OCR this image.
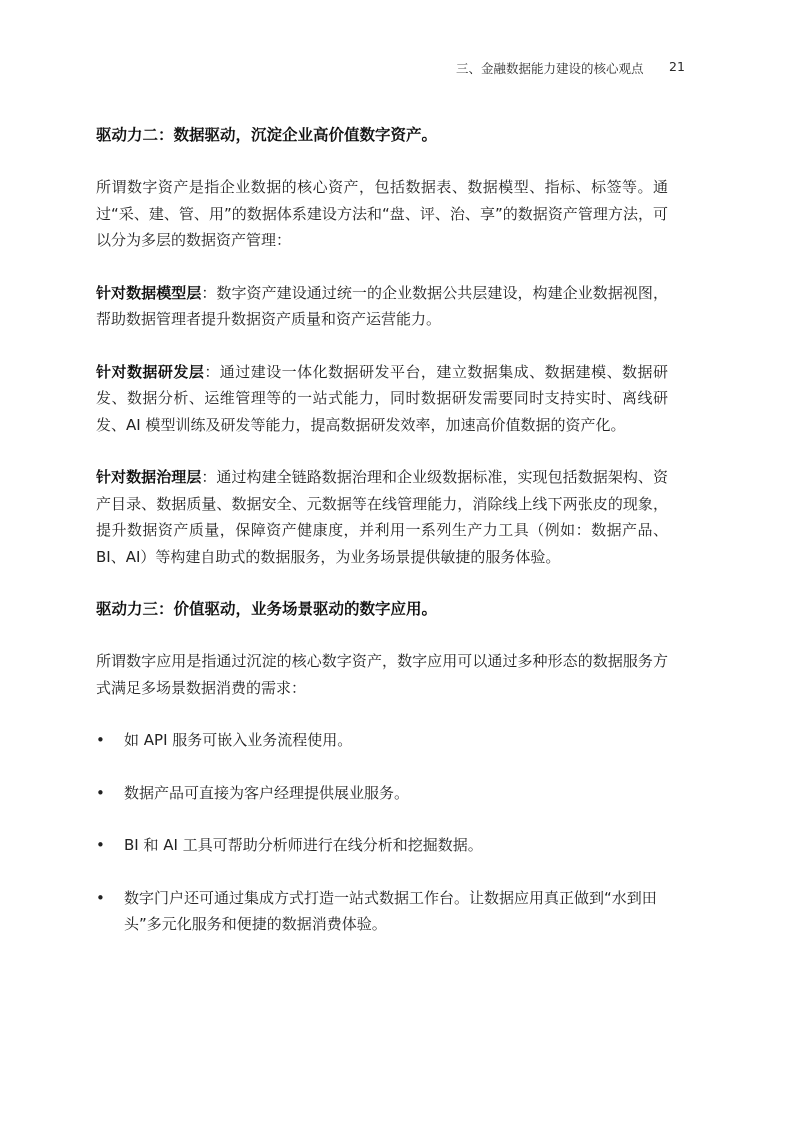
三、金融数据能力建设的核心观点 21
驱动力二：数据驱动，沉淀企业高价值数字资产。

所谓数字资产是指企业数据的核心资产，包括数据表、数据模型、指标、标签等。通过“采、建、管、用”的数据体系建设方法和“盘、评、治、享”的数据资产管理方法，可以分为多层的数据资产管理：

针对数据模型层：数字资产建设通过统一的企业数据公共层建设，构建企业数据视图，帮助数据管理者提升数据资产质量和资产运营能力。

针对数据研发层：通过建设一体化数据研发平台，建立数据集成、数据建模、数据研发、数据分析、运维管理等的一站式能力，同时数据研发需要同时支持实时、离线研发、AI 模型训练及研发等能力，提高数据研发效率，加速高价值数据的资产化。

针对数据治理层：通过构建全链路数据治理和企业级数据标准，实现包括数据架构、资产目录、数据质量、数据安全、元数据等在线管理能力，消除线上线下两张皮的现象，提升数据资产质量，保障资产健康度，并利用一系列生产力工具（例如：数据产品、BI、AI）等构建自助式的数据服务，为业务场景提供敏捷的服务体验。

驱动力三：价值驱动，业务场景驱动的数字应用。

所谓数字应用是指通过沉淀的核心数字资产，数字应用可以通过多种形态的数据服务方式满足多场景数据消费的需求：

• 如 API 服务可嵌入业务流程使用。
• 数据产品可直接为客户经理提供展业服务。
• BI 和 AI 工具可帮助分析师进行在线分析和挖掘数据。
• 数字门户还可通过集成方式打造一站式数据工作台。让数据应用真正做到“水到田头”多元化服务和便捷的数据消费体验。
